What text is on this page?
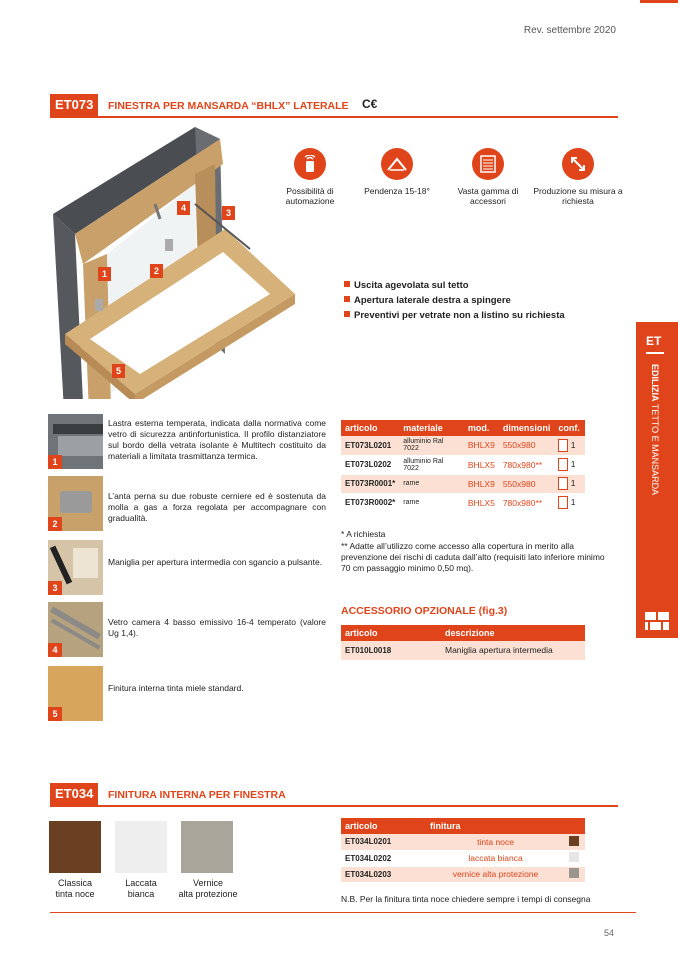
Rev. settembre 2020
ET073	FINESTRA PER MANSARDA “BHLX” LATERALE C€
1	2
3
4
5
Possibilità di automazione
Pendenza 15-18°	Vasta gamma di accessori
Produzione su misura a richiesta
Uscita agevolata sul tetto
Apertura laterale destra a spingere
Preventivi per vetrate non a listino su richiesta
1
Lastra esterna temperata, indicata dalla normativa come vetro di sicurezza antinfortunistica. Il profilo distanziatore sul bordo della vetrata isolante è Multitech costituito da materiali a limitata trasmittanza termica.
2
L’anta perna su due robuste cerniere ed è sostenuta da molla a gas a forza regolata per accompagnare con gradualità.
3
Maniglia per apertura intermedia con sgancio a pulsante.
4
Vetro camera 4 basso emissivo 16-4 temperato (valore Ug 1,4).
5
Finitura interna tinta miele standard.
articolo	materiale	mod.	dimensioni	conf.
ET073L0201	alluminio Ral 7022	BHLX9	550x980	1
ET073L0202	alluminio Ral 7022	BHLX5	780x980**	1
ET073R0001*	rame	BHLX9	550x980	1
ET073R0002*	rame	BHLX5	780x980**	1
* A richiesta
** Adatte all’utilizzo come accesso alla copertura in merito alla prevenzione dei rischi di caduta dall’alto (requisiti lato inferiore minimo 70 cm passaggio minimo 0,50 mq).
ACCESSORIO OPZIONALE (fig.3)
articolo	descrizione
ET010L0018	Maniglia apertura intermedia
ET
EDILIZIA TETTO E MANSARDA
ET034	FINITURA INTERNA PER FINESTRA
Classica
tinta noce
Laccata
bianca
Vernice
alta protezione
articolo	finitura	
ET034L0201	tinta noce	
ET034L0202	laccata bianca	
ET034L0203	vernice alta protezione	
N.B. Per la finitura tinta noce chiedere sempre i tempi di consegna
54
